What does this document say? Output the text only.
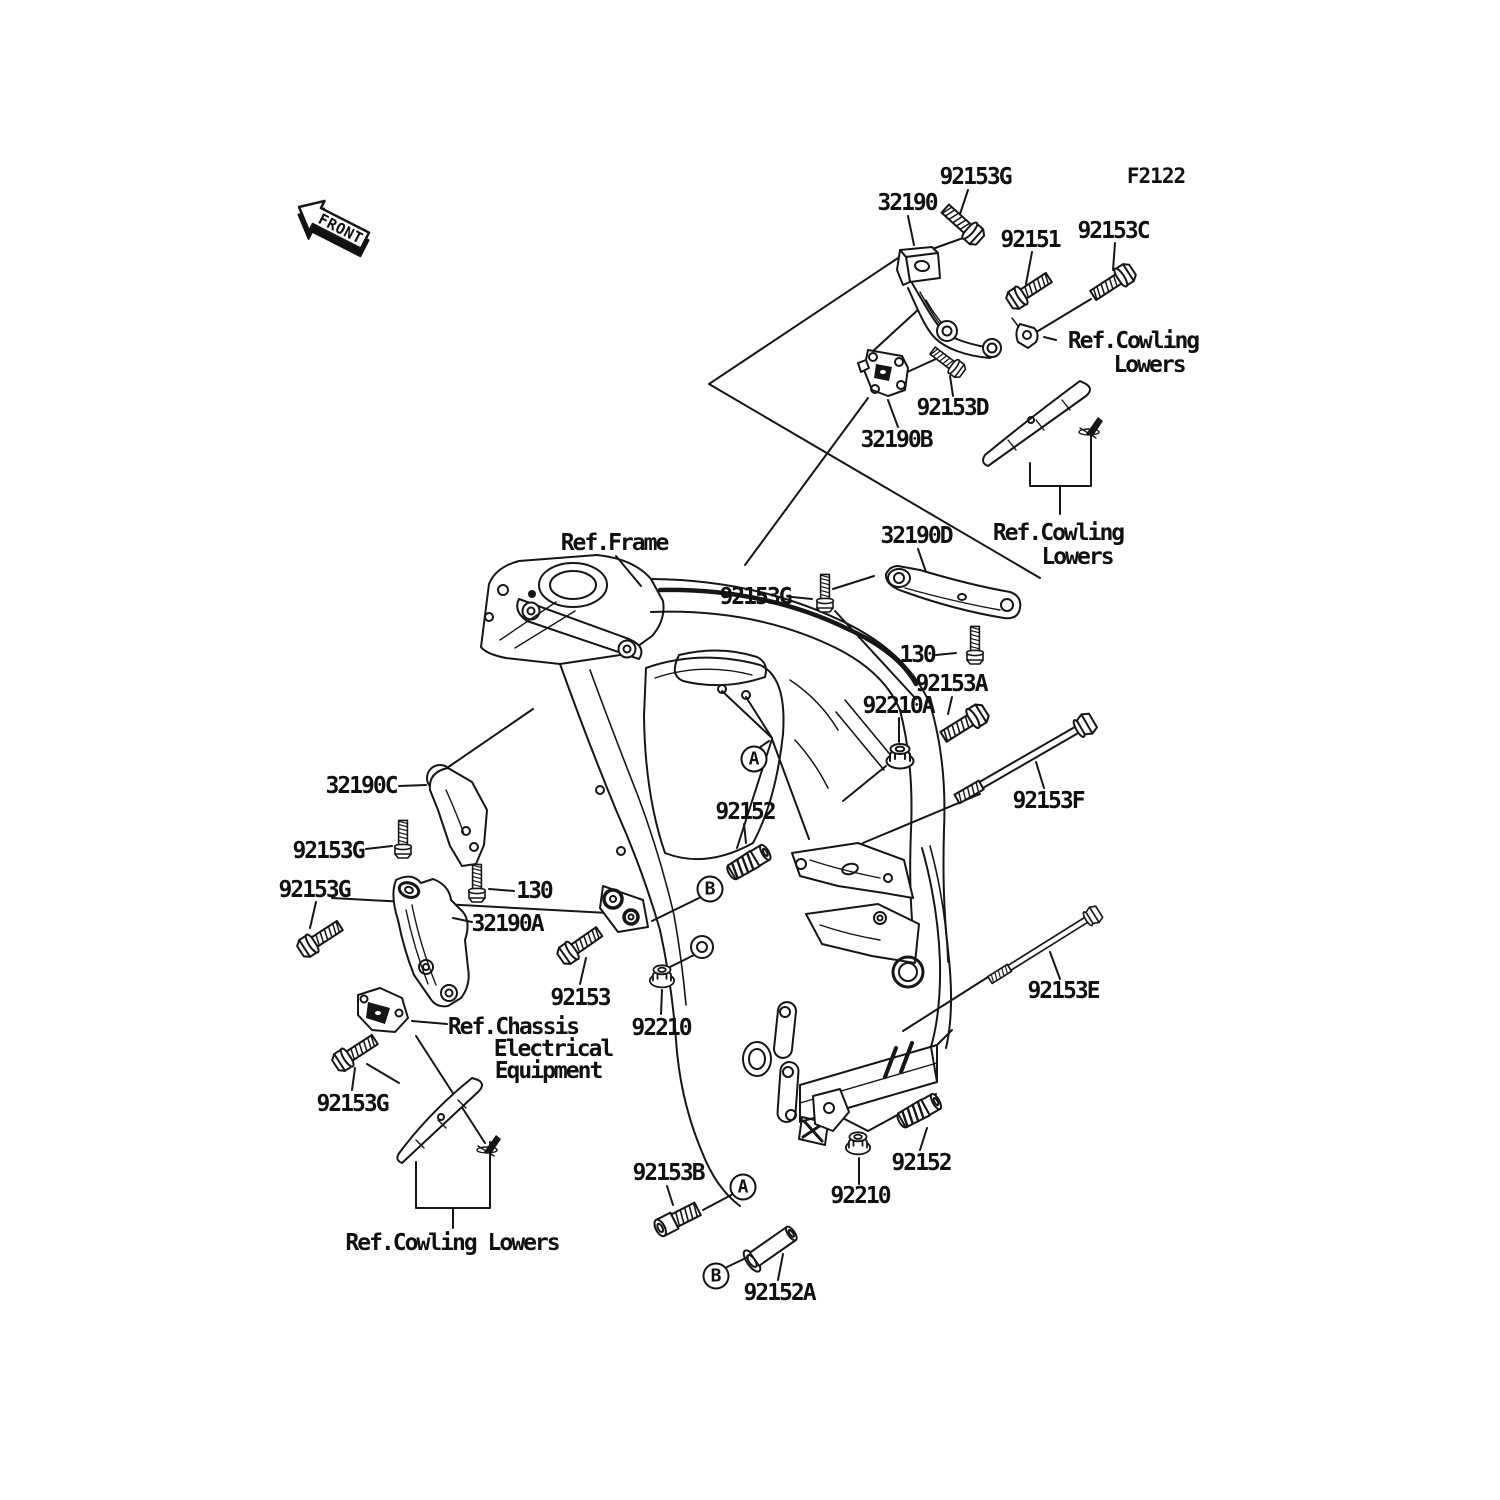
FRONT
F2122
92153G
32190
92151 92153C
Ref.Cowling
Lowers
92153D
32190B
Ref.Frame	32190D Ref.Cowling
Lowers
92153G
130
92153A
92210A
92153F
32190C
92153G
92153G	130
32190A
92152
92153
92210
92153E
Ref.Chassis
Electrical
Equipment
92153G
Ref.Cowling Lowers
92153B
92210
92152
92152A
A
B
A
B
